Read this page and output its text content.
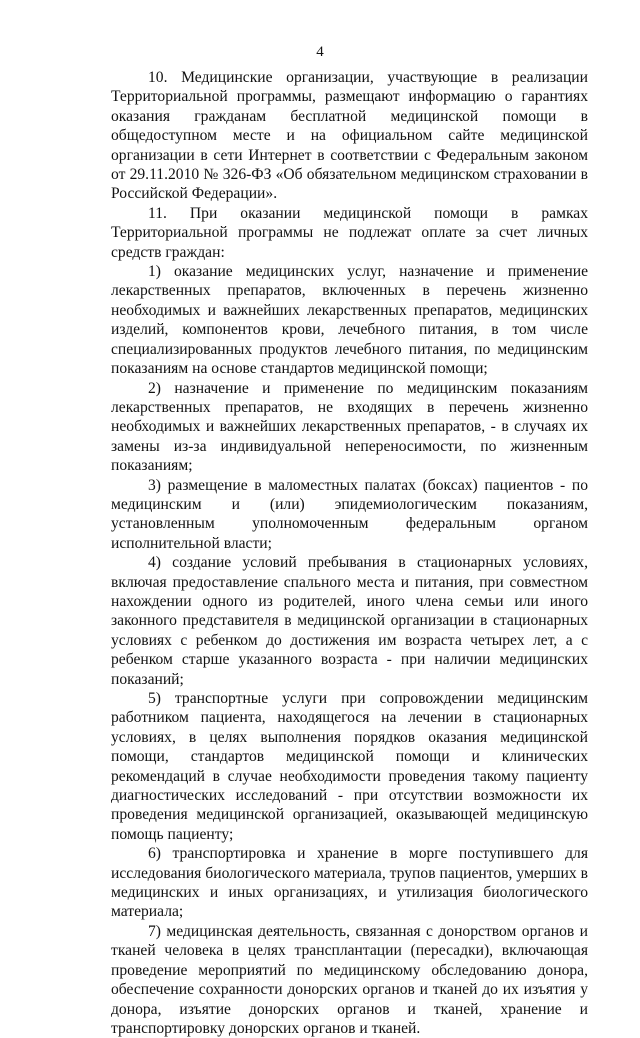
4

10. Медицинские организации, участвующие в реализации Территориальной программы, размещают информацию о гарантиях оказания гражданам бесплатной медицинской помощи в общедоступном месте и на официальном сайте медицинской организации в сети Интернет в соответствии с Федеральным законом от 29.11.2010 № 326-ФЗ «Об обязательном медицинском страховании в Российской Федерации».

11. При оказании медицинской помощи в рамках Территориальной программы не подлежат оплате за счет личных средств граждан:

1) оказание медицинских услуг, назначение и применение лекарственных препаратов, включенных в перечень жизненно необходимых и важнейших лекарственных препаратов, медицинских изделий, компонентов крови, лечебного питания, в том числе специализированных продуктов лечебного питания, по медицинским показаниям на основе стандартов медицинской помощи;

2) назначение и применение по медицинским показаниям лекарственных препаратов, не входящих в перечень жизненно необходимых и важнейших лекарственных препаратов, - в случаях их замены из-за индивидуальной непереносимости, по жизненным показаниям;

3) размещение в маломестных палатах (боксах) пациентов - по медицинским и (или) эпидемиологическим показаниям, установленным уполномоченным федеральным органом исполнительной власти;

4) создание условий пребывания в стационарных условиях, включая предоставление спального места и питания, при совместном нахождении одного из родителей, иного члена семьи или иного законного представителя в медицинской организации в стационарных условиях с ребенком до достижения им возраста четырех лет, а с ребенком старше указанного возраста - при наличии медицинских показаний;

5) транспортные услуги при сопровождении медицинским работником пациента, находящегося на лечении в стационарных условиях, в целях выполнения порядков оказания медицинской помощи, стандартов медицинской помощи и клинических рекомендаций в случае необходимости проведения такому пациенту диагностических исследований - при отсутствии возможности их проведения медицинской организацией, оказывающей медицинскую помощь пациенту;

6) транспортировка и хранение в морге поступившего для исследования биологического материала, трупов пациентов, умерших в медицинских и иных организациях, и утилизация биологического материала;

7) медицинская деятельность, связанная с донорством органов и тканей человека в целях трансплантации (пересадки), включающая проведение мероприятий по медицинскому обследованию донора, обеспечение сохранности донорских органов и тканей до их изъятия у донора, изъятие донорских органов и тканей, хранение и транспортировку донорских органов и тканей.
